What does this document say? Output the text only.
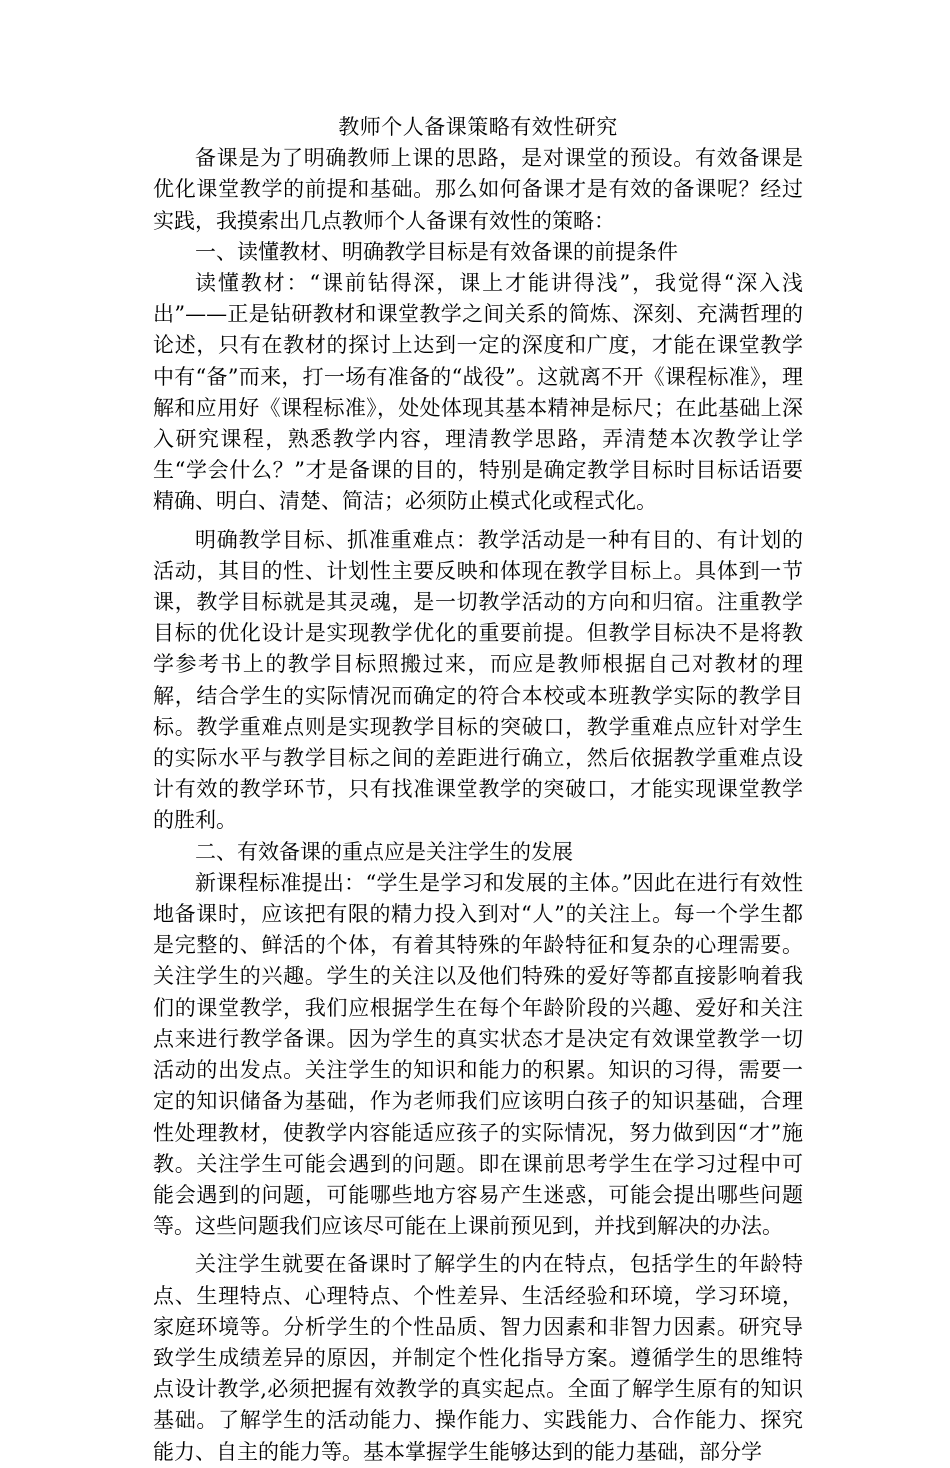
教师个人备课策略有效性研究

备课是为了明确教师上课的思路，是对课堂的预设。有效备课是优化课堂教学的前提和基础。那么如何备课才是有效的备课呢？经过实践，我摸索出几点教师个人备课有效性的策略：

一、读懂教材、明确教学目标是有效备课的前提条件

读懂教材：“课前钻得深，课上才能讲得浅”，我觉得“深入浅出”——正是钻研教材和课堂教学之间关系的简炼、深刻、充满哲理的论述，只有在教材的探讨上达到一定的深度和广度，才能在课堂教学中有“备”而来，打一场有准备的“战役”。这就离不开《课程标准》，理解和应用好《课程标准》，处处体现其基本精神是标尺；在此基础上深入研究课程，熟悉教学内容，理清教学思路，弄清楚本次教学让学生“学会什么？”才是备课的目的，特别是确定教学目标时目标话语要精确、明白、清楚、简洁；必须防止模式化或程式化。

明确教学目标、抓准重难点：教学活动是一种有目的、有计划的活动，其目的性、计划性主要反映和体现在教学目标上。具体到一节课，教学目标就是其灵魂，是一切教学活动的方向和归宿。注重教学目标的优化设计是实现教学优化的重要前提。但教学目标决不是将教学参考书上的教学目标照搬过来，而应是教师根据自己对教材的理解，结合学生的实际情况而确定的符合本校或本班教学实际的教学目标。教学重难点则是实现教学目标的突破口，教学重难点应针对学生的实际水平与教学目标之间的差距进行确立，然后依据教学重难点设计有效的教学环节，只有找准课堂教学的突破口，才能实现课堂教学的胜利。

二、有效备课的重点应是关注学生的发展

新课程标准提出：“学生是学习和发展的主体。”因此在进行有效性地备课时，应该把有限的精力投入到对“人”的关注上。每一个学生都是完整的、鲜活的个体，有着其特殊的年龄特征和复杂的心理需要。关注学生的兴趣。学生的关注以及他们特殊的爱好等都直接影响着我们的课堂教学，我们应根据学生在每个年龄阶段的兴趣、爱好和关注点来进行教学备课。因为学生的真实状态才是决定有效课堂教学一切活动的出发点。关注学生的知识和能力的积累。知识的习得，需要一定的知识储备为基础，作为老师我们应该明白孩子的知识基础，合理性处理教材，使教学内容能适应孩子的实际情况，努力做到因“才”施教。关注学生可能会遇到的问题。即在课前思考学生在学习过程中可能会遇到的问题，可能哪些地方容易产生迷惑，可能会提出哪些问题等。这些问题我们应该尽可能在上课前预见到，并找到解决的办法。

关注学生就要在备课时了解学生的内在特点，包括学生的年龄特点、生理特点、心理特点、个性差异、生活经验和环境，学习环境，家庭环境等。分析学生的个性品质、智力因素和非智力因素。研究导致学生成绩差异的原因，并制定个性化指导方案。遵循学生的思维特点设计教学,必须把握有效教学的真实起点。全面了解学生原有的知识基础。了解学生的活动能力、操作能力、实践能力、合作能力、探究能力、自主的能力等。基本掌握学生能够达到的能力基础，部分学
